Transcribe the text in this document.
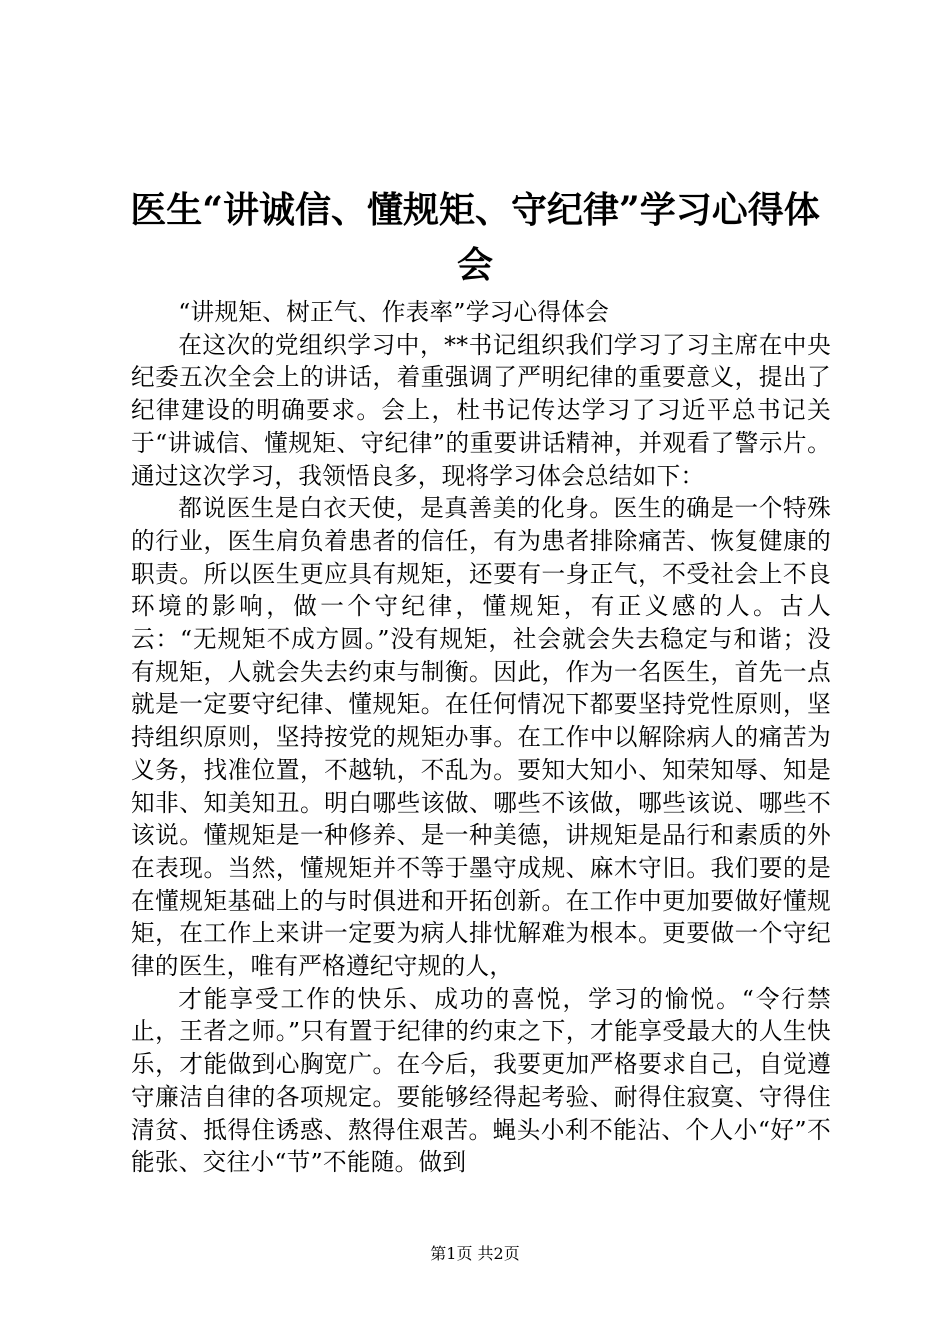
医生“讲诚信、懂规矩、守纪律”学习心得体会

“讲规矩、树正气、作表率”学习心得体会

在这次的党组织学习中，**书记组织我们学习了习主席在中央纪委五次全会上的讲话，着重强调了严明纪律的重要意义，提出了纪律建设的明确要求。会上，杜书记传达学习了习近平总书记关于“讲诚信、懂规矩、守纪律”的重要讲话精神，并观看了警示片。通过这次学习，我领悟良多，现将学习体会总结如下：

都说医生是白衣天使，是真善美的化身。医生的确是一个特殊的行业，医生肩负着患者的信任，有为患者排除痛苦、恢复健康的职责。所以医生更应具有规矩，还要有一身正气，不受社会上不良环境的影响，做一个守纪律，懂规矩，有正义感的人。古人云：“无规矩不成方圆。”没有规矩，社会就会失去稳定与和谐；没有规矩，人就会失去约束与制衡。因此，作为一名医生，首先一点就是一定要守纪律、懂规矩。在任何情况下都要坚持党性原则，坚持组织原则，坚持按党的规矩办事。在工作中以解除病人的痛苦为义务，找准位置，不越轨，不乱为。要知大知小、知荣知辱、知是知非、知美知丑。明白哪些该做、哪些不该做，哪些该说、哪些不该说。懂规矩是一种修养、是一种美德，讲规矩是品行和素质的外在表现。当然，懂规矩并不等于墨守成规、麻木守旧。我们要的是在懂规矩基础上的与时俱进和开拓创新。在工作中更加要做好懂规矩，在工作上来讲一定要为病人排忧解难为根本。更要做一个守纪律的医生，唯有严格遵纪守规的人，

才能享受工作的快乐、成功的喜悦，学习的愉悦。“令行禁止，王者之师。”只有置于纪律的约束之下，才能享受最大的人生快乐，才能做到心胸宽广。在今后，我要更加严格要求自己，自觉遵守廉洁自律的各项规定。要能够经得起考验、耐得住寂寞、守得住清贫、抵得住诱惑、熬得住艰苦。蝇头小利不能沾、个人小“好”不能张、交往小“节”不能随。做到

第1页 共2页
